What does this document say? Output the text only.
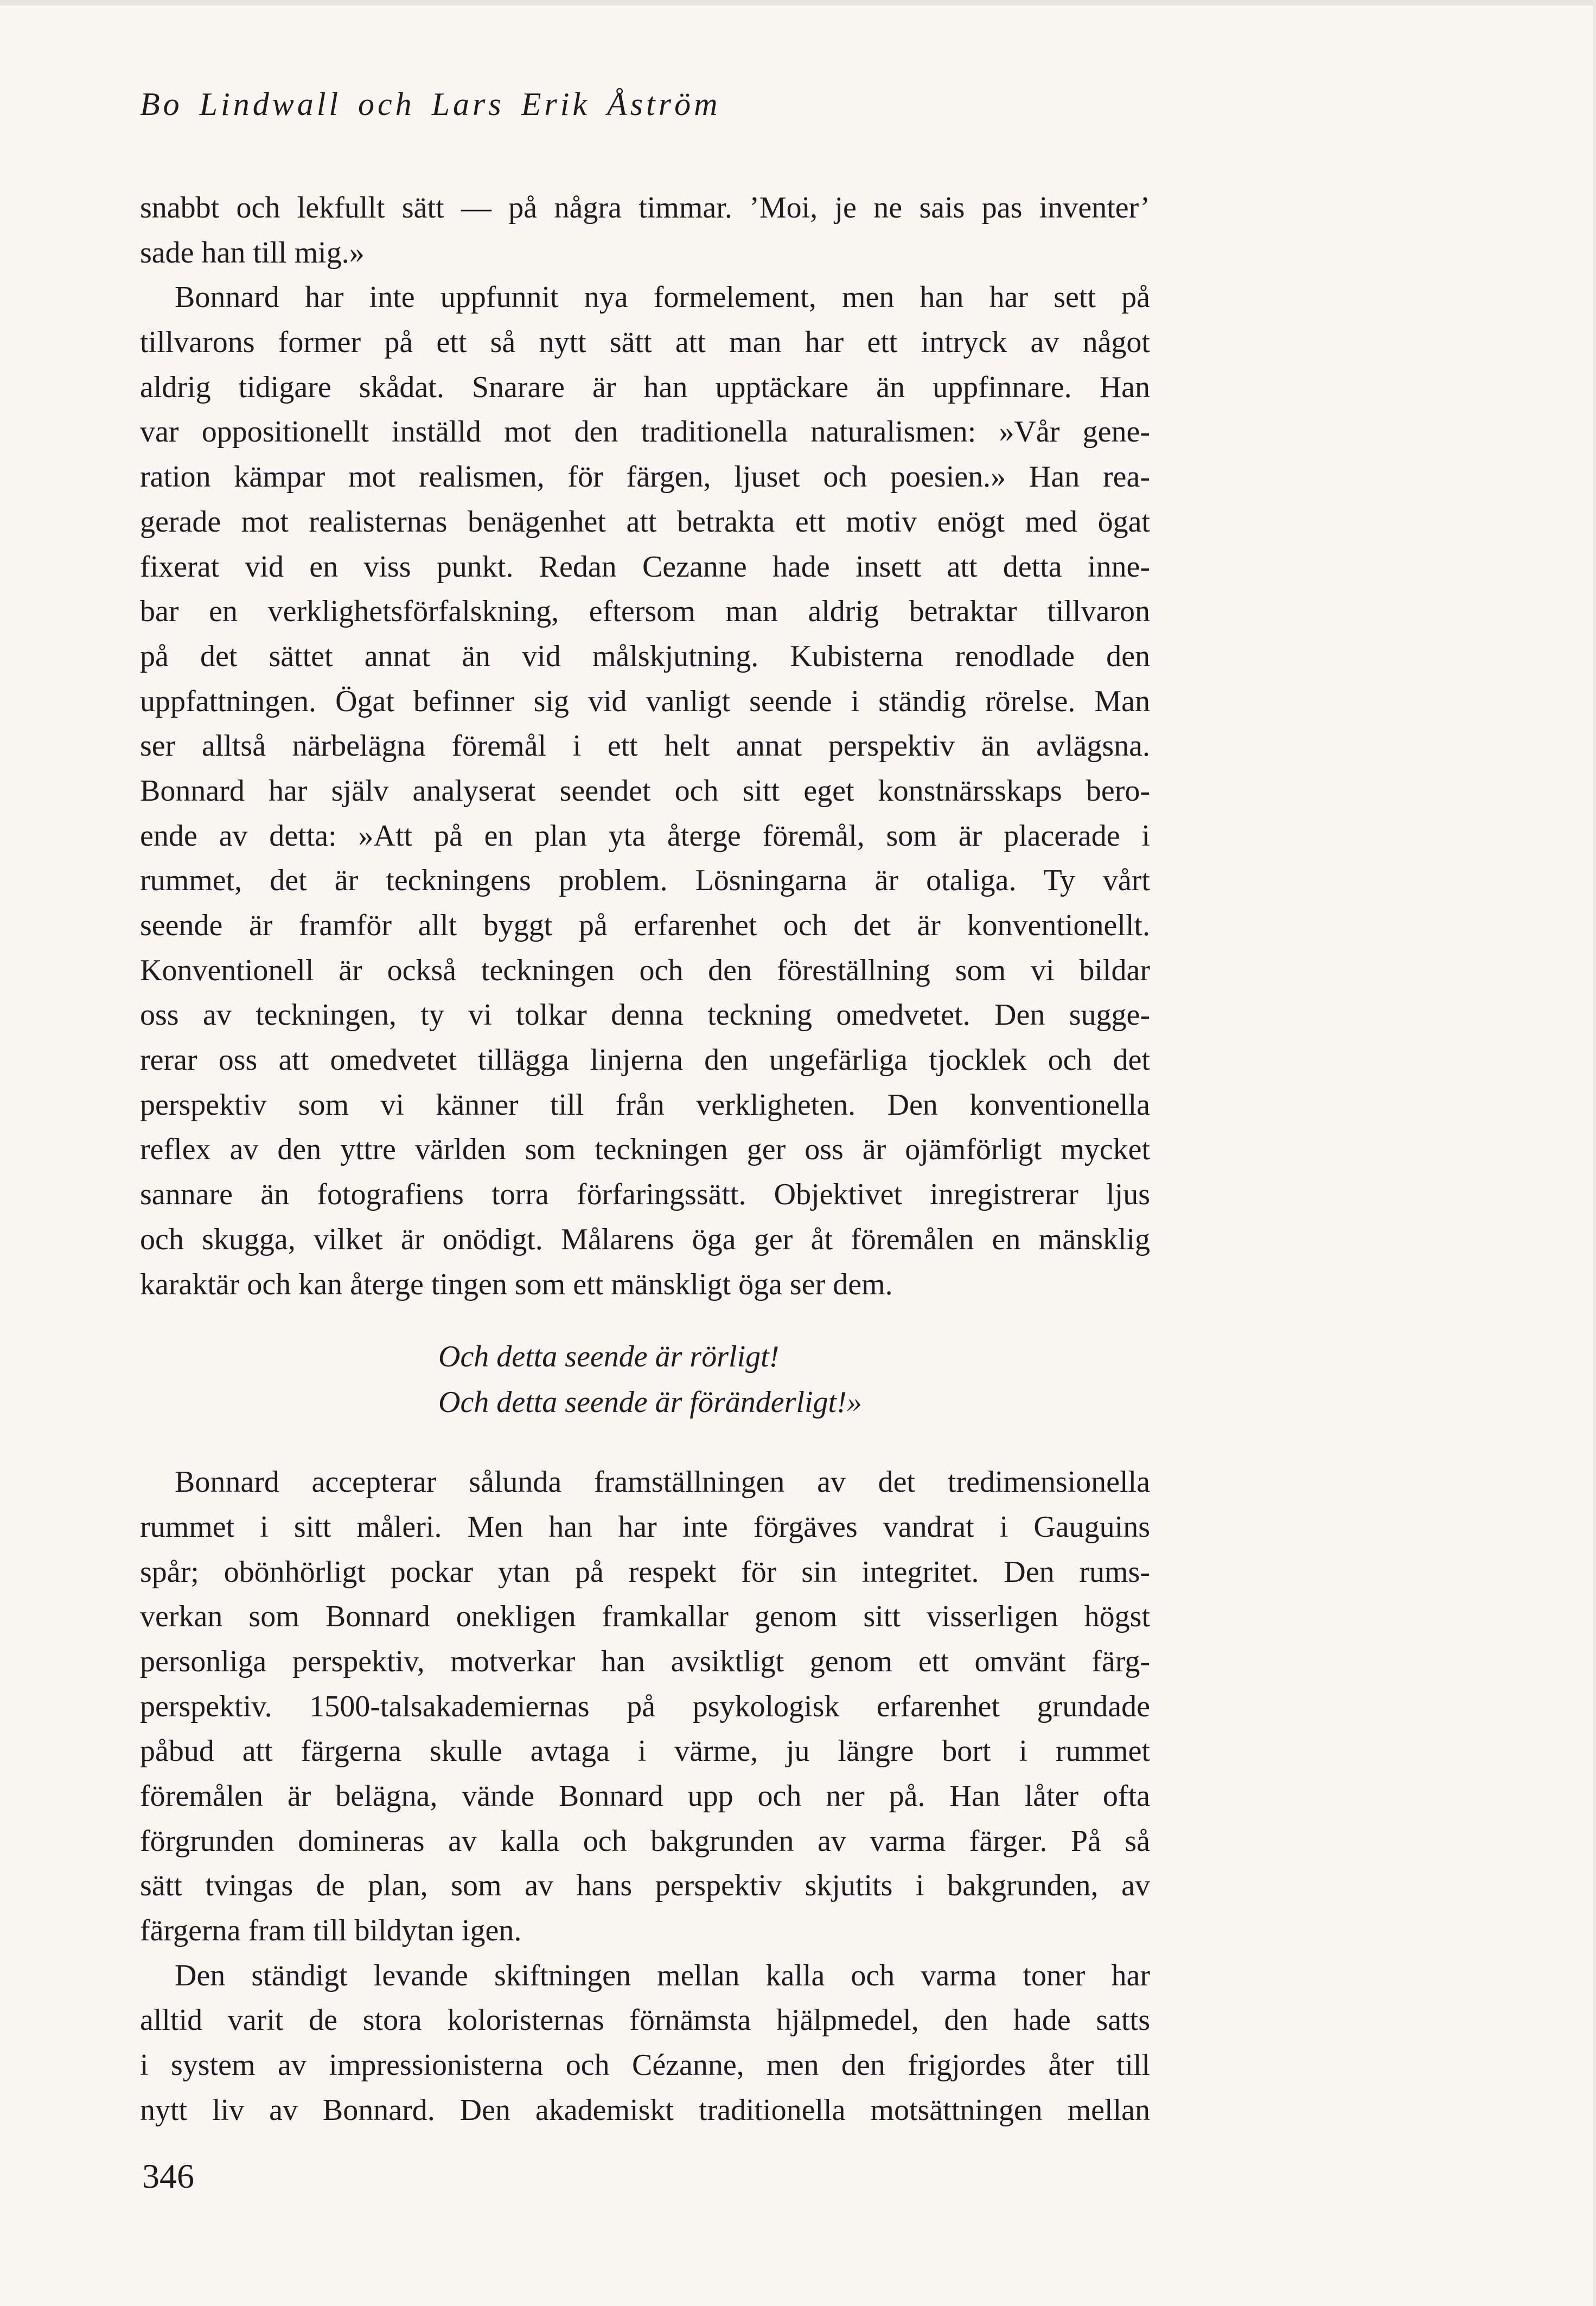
Bo Lindwall och Lars Erik Åström
snabbt och lekfullt sätt — på några timmar. ’Moi, je ne sais pas inventer’
sade han till mig.»
Bonnard har inte uppfunnit nya formelement, men han har sett på
tillvarons former på ett så nytt sätt att man har ett intryck av något
aldrig tidigare skådat. Snarare är han upptäckare än uppfinnare. Han
var oppositionellt inställd mot den traditionella naturalismen: »Vår gene-
ration kämpar mot realismen, för färgen, ljuset och poesien.» Han rea-
gerade mot realisternas benägenhet att betrakta ett motiv enögt med ögat
fixerat vid en viss punkt. Redan Cezanne hade insett att detta inne-
bar en verklighetsförfalskning, eftersom man aldrig betraktar tillvaron
på det sättet annat än vid målskjutning. Kubisterna renodlade den
uppfattningen. Ögat befinner sig vid vanligt seende i ständig rörelse. Man
ser alltså närbelägna föremål i ett helt annat perspektiv än avlägsna.
Bonnard har själv analyserat seendet och sitt eget konstnärsskaps bero-
ende av detta: »Att på en plan yta återge föremål, som är placerade i
rummet, det är teckningens problem. Lösningarna är otaliga. Ty vårt
seende är framför allt byggt på erfarenhet och det är konventionellt.
Konventionell är också teckningen och den föreställning som vi bildar
oss av teckningen, ty vi tolkar denna teckning omedvetet. Den sugge-
rerar oss att omedvetet tillägga linjerna den ungefärliga tjocklek och det
perspektiv som vi känner till från verkligheten. Den konventionella
reflex av den yttre världen som teckningen ger oss är ojämförligt mycket
sannare än fotografiens torra förfaringssätt. Objektivet inregistrerar ljus
och skugga, vilket är onödigt. Målarens öga ger åt föremålen en mänsklig
karaktär och kan återge tingen som ett mänskligt öga ser dem.
Och detta seende är rörligt!
Och detta seende är föränderligt!»
Bonnard accepterar sålunda framställningen av det tredimensionella
rummet i sitt måleri. Men han har inte förgäves vandrat i Gauguins
spår; obönhörligt pockar ytan på respekt för sin integritet. Den rums-
verkan som Bonnard onekligen framkallar genom sitt visserligen högst
personliga perspektiv, motverkar han avsiktligt genom ett omvänt färg-
perspektiv. 1500-talsakademiernas på psykologisk erfarenhet grundade
påbud att färgerna skulle avtaga i värme, ju längre bort i rummet
föremålen är belägna, vände Bonnard upp och ner på. Han låter ofta
förgrunden domineras av kalla och bakgrunden av varma färger. På så
sätt tvingas de plan, som av hans perspektiv skjutits i bakgrunden, av
färgerna fram till bildytan igen.
Den ständigt levande skiftningen mellan kalla och varma toner har
alltid varit de stora koloristernas förnämsta hjälpmedel, den hade satts
i system av impressionisterna och Cézanne, men den frigjordes åter till
nytt liv av Bonnard. Den akademiskt traditionella motsättningen mellan
346
